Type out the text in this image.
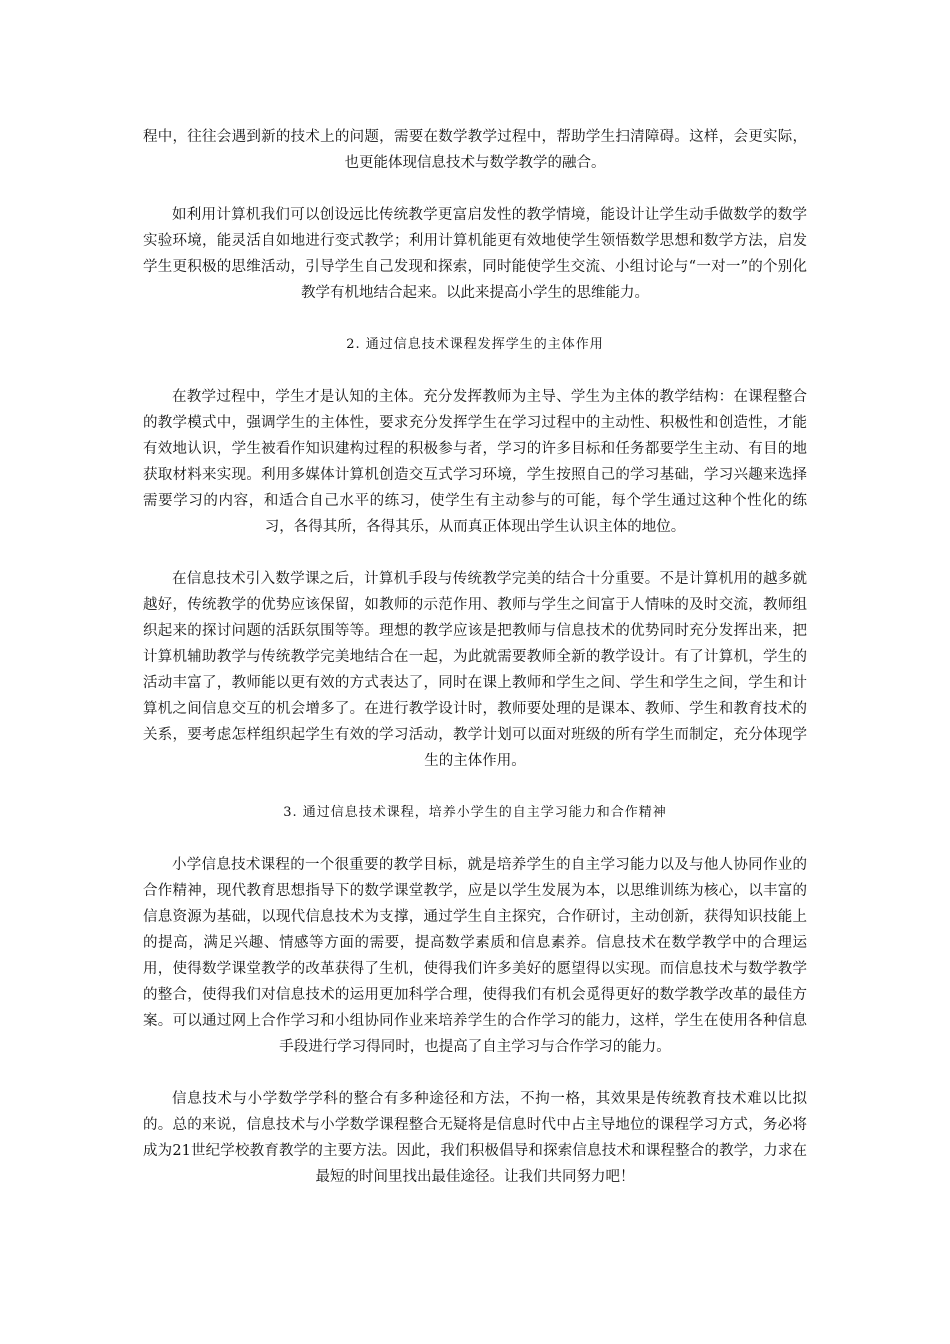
程中，往往会遇到新的技术上的问题，需要在数学教学过程中，帮助学生扫清障碍。这样，会更实际，也更能体现信息技术与数学教学的融合。

如利用计算机我们可以创设远比传统教学更富启发性的教学情境，能设计让学生动手做数学的数学实验环境，能灵活自如地进行变式教学；利用计算机能更有效地使学生领悟数学思想和数学方法，启发学生更积极的思维活动，引导学生自己发现和探索，同时能使学生交流、小组讨论与“一对一”的个别化教学有机地结合起来。以此来提高小学生的思维能力。

2. 通过信息技术课程发挥学生的主体作用

在教学过程中，学生才是认知的主体。充分发挥教师为主导、学生为主体的教学结构：在课程整合的教学模式中，强调学生的主体性，要求充分发挥学生在学习过程中的主动性、积极性和创造性，才能有效地认识，学生被看作知识建构过程的积极参与者，学习的许多目标和任务都要学生主动、有目的地获取材料来实现。利用多媒体计算机创造交互式学习环境，学生按照自己的学习基础，学习兴趣来选择需要学习的内容，和适合自己水平的练习，使学生有主动参与的可能，每个学生通过这种个性化的练习，各得其所，各得其乐，从而真正体现出学生认识主体的地位。

在信息技术引入数学课之后，计算机手段与传统教学完美的结合十分重要。不是计算机用的越多就越好，传统教学的优势应该保留，如教师的示范作用、教师与学生之间富于人情味的及时交流，教师组织起来的探讨问题的活跃氛围等等。理想的教学应该是把教师与信息技术的优势同时充分发挥出来，把计算机辅助教学与传统教学完美地结合在一起，为此就需要教师全新的教学设计。有了计算机，学生的活动丰富了，教师能以更有效的方式表达了，同时在课上教师和学生之间、学生和学生之间，学生和计算机之间信息交互的机会增多了。在进行教学设计时，教师要处理的是课本、教师、学生和教育技术的关系，要考虑怎样组织起学生有效的学习活动，教学计划可以面对班级的所有学生而制定，充分体现学生的主体作用。

3. 通过信息技术课程，培养小学生的自主学习能力和合作精神

小学信息技术课程的一个很重要的教学目标，就是培养学生的自主学习能力以及与他人协同作业的合作精神，现代教育思想指导下的数学课堂教学，应是以学生发展为本，以思维训练为核心，以丰富的信息资源为基础，以现代信息技术为支撑，通过学生自主探究，合作研讨，主动创新，获得知识技能上的提高，满足兴趣、情感等方面的需要，提高数学素质和信息素养。信息技术在数学教学中的合理运用，使得数学课堂教学的改革获得了生机，使得我们许多美好的愿望得以实现。而信息技术与数学教学的整合，使得我们对信息技术的运用更加科学合理，使得我们有机会觅得更好的数学教学改革的最佳方案。可以通过网上合作学习和小组协同作业来培养学生的合作学习的能力，这样，学生在使用各种信息手段进行学习得同时，也提高了自主学习与合作学习的能力。

信息技术与小学数学学科的整合有多种途径和方法，不拘一格，其效果是传统教育技术难以比拟的。总的来说，信息技术与小学数学课程整合无疑将是信息时代中占主导地位的课程学习方式，务必将成为21世纪学校教育教学的主要方法。因此，我们积极倡导和探索信息技术和课程整合的教学，力求在最短的时间里找出最佳途径。让我们共同努力吧！
